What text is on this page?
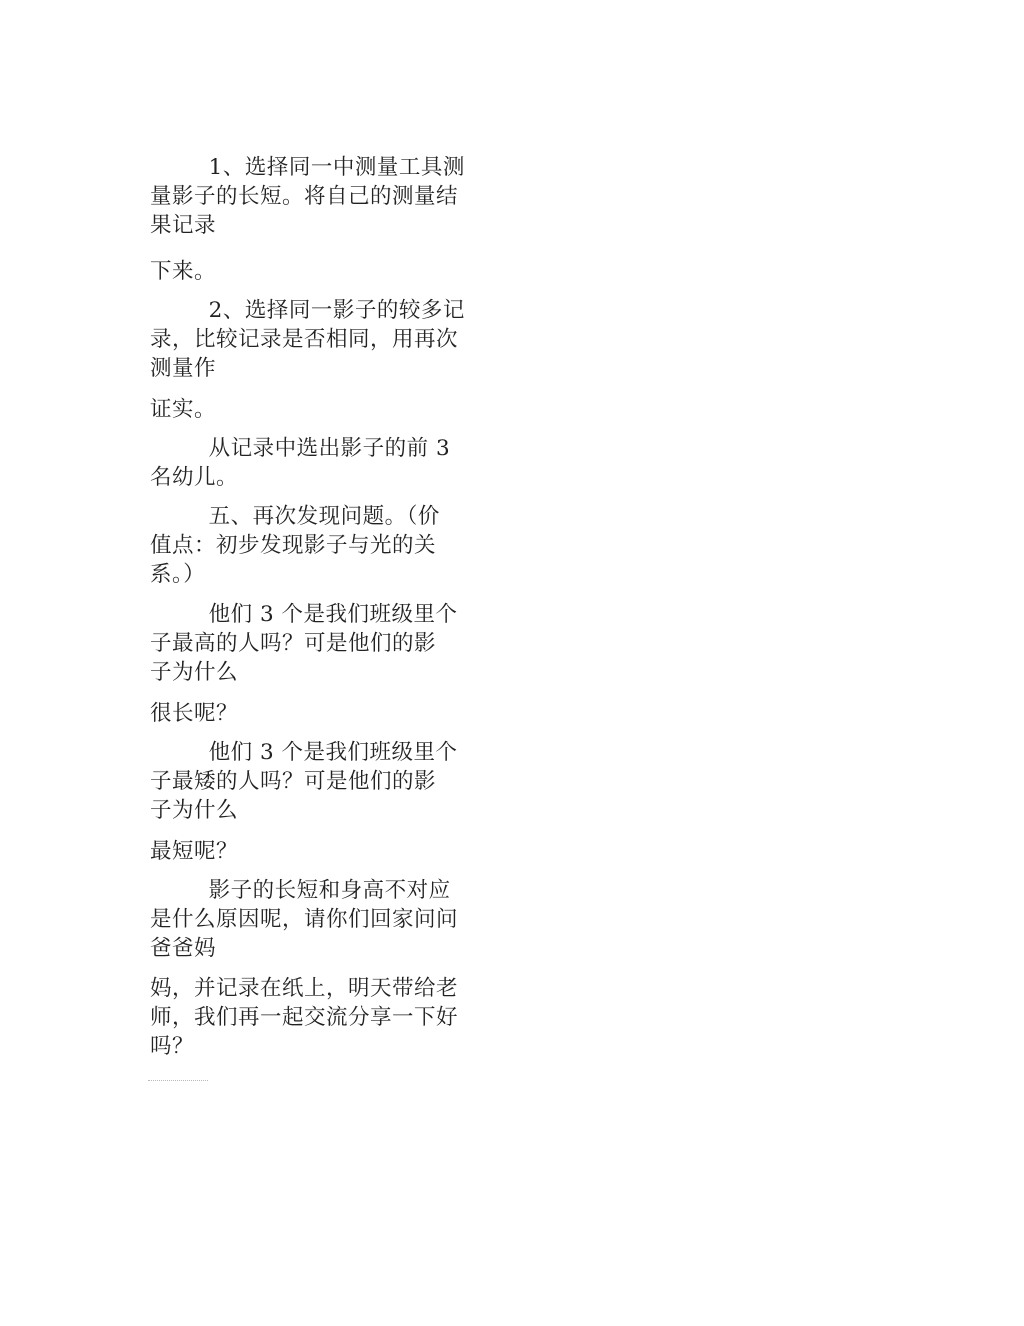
1、选择同一中测量工具测
量影子的长短。将自己的测量结
果记录

下来。

2、选择同一影子的较多记
录，比较记录是否相同，用再次
测量作

证实。

从记录中选出影子的前 3
名幼儿。

五、再次发现问题。（价
值点：初步发现影子与光的关
系。）

他们 3 个是我们班级里个
子最高的人吗？可是他们的影
子为什么

很长呢？

他们 3 个是我们班级里个
子最矮的人吗？可是他们的影
子为什么

最短呢？

影子的长短和身高不对应
是什么原因呢，请你们回家问问
爸爸妈

妈，并记录在纸上，明天带给老
师，我们再一起交流分享一下好
吗？
